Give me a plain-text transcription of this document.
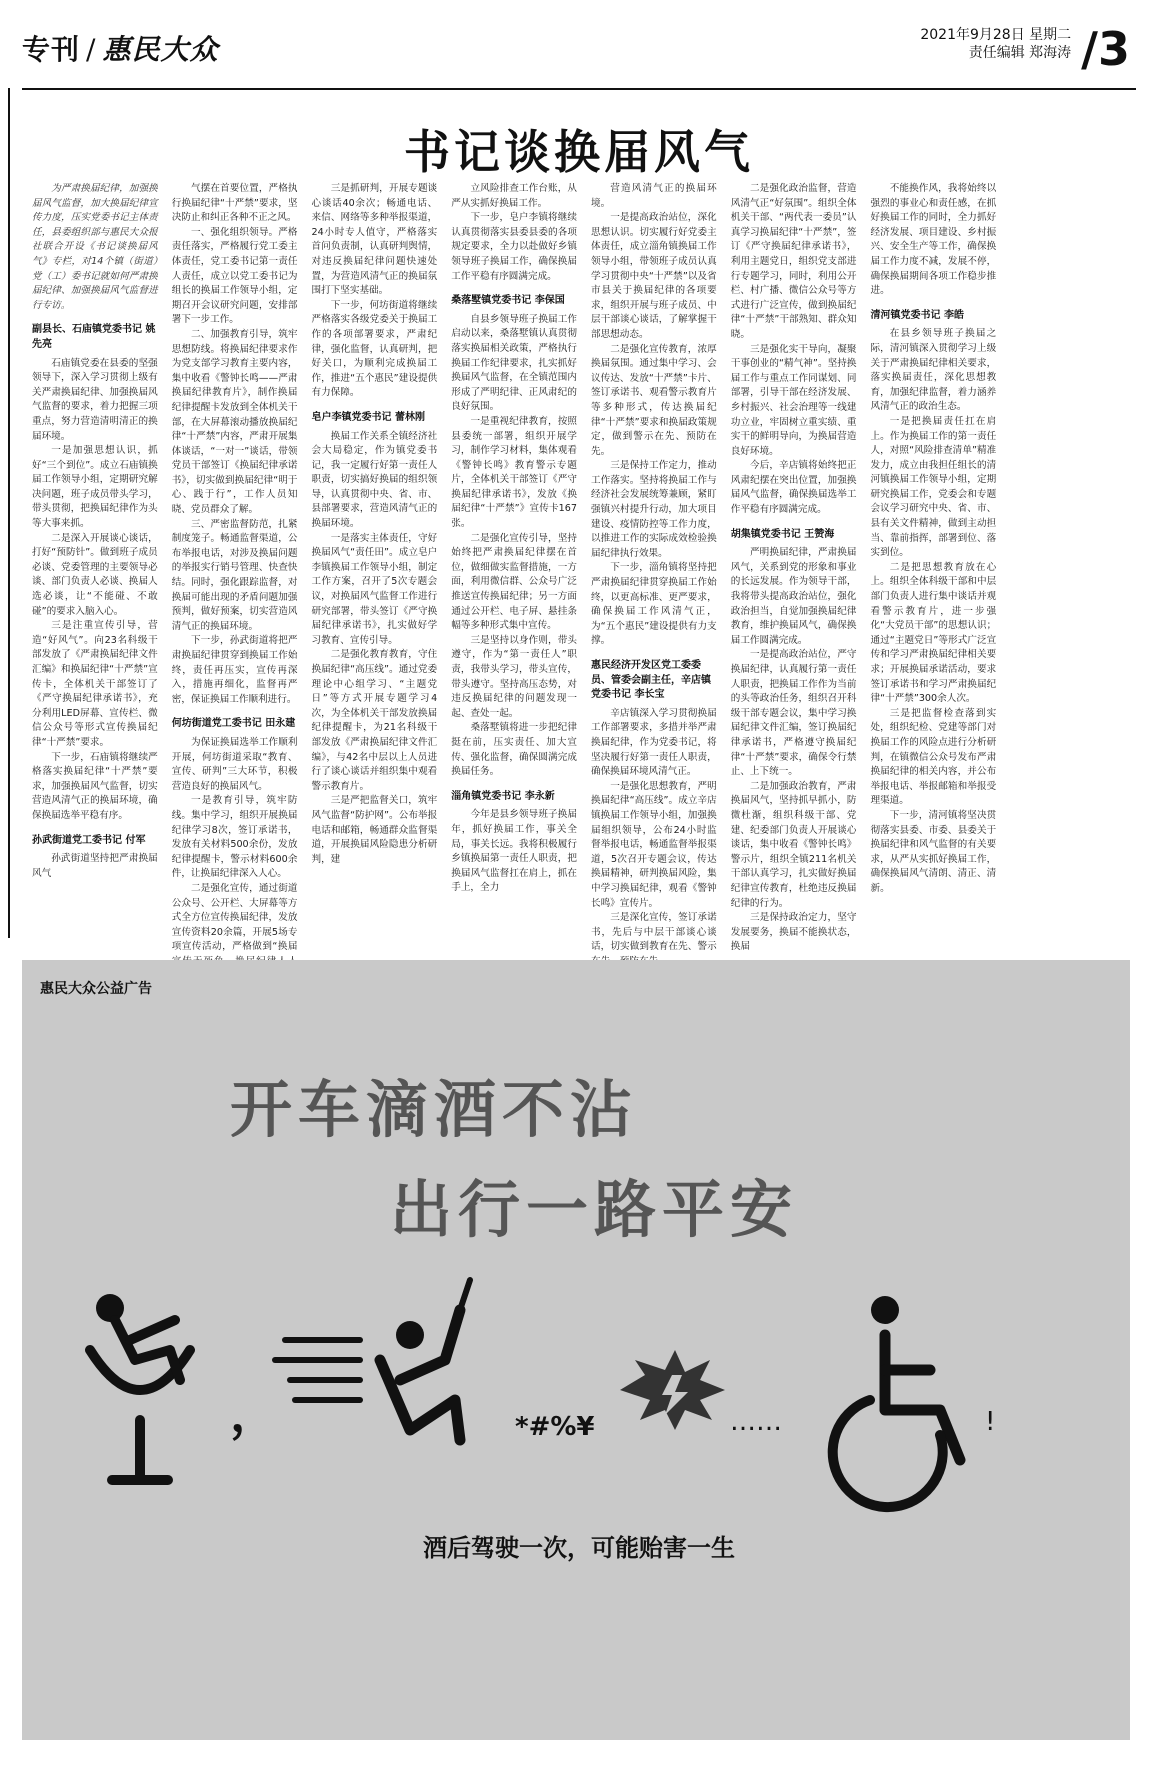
专刊 / 惠民大众	2021年9月28日 星期二
责任编辑 郑海涛 /3
书记谈换届风气

为严肃换届纪律，加强换届风气监督，加大换届纪律宣传力度，压实党委书记主体责任，县委组织部与惠民大众报社联合开设《书记谈换届风气》专栏，对14个镇（街道）党（工）委书记就如何严肃换届纪律、加强换届风气监督进行专访。

副县长、石庙镇党委书记 姚先亮

石庙镇党委在县委的坚强领导下，深入学习贯彻上级有关严肃换届纪律、加强换届风气监督的要求，着力把握三项重点，努力营造清明清正的换届环境。

一是加强思想认识，抓好“三个到位”。成立石庙镇换届工作领导小组，定期研究解决问题，班子成员带头学习，带头贯彻，把换届纪律作为头等大事来抓。

二是深入开展谈心谈话，打好“预防针”。做到班子成员必谈、党委管理的主要领导必谈、部门负责人必谈、换届人选必谈，让“不能碰、不敢碰”的要求入脑入心。

三是注重宣传引导，营造“好风气”。向23名科级干部发放了《严肃换届纪律文件汇编》和换届纪律“十严禁”宣传卡，全体机关干部签订了《严守换届纪律承诺书》，充分利用LED屏幕、宣传栏、微信公众号等形式宣传换届纪律“十严禁”要求。

下一步，石庙镇将继续严格落实换届纪律“十严禁”要求，加强换届风气监督，切实营造风清气正的换届环境，确保换届选举平稳有序。

孙武街道党工委书记 付军

孙武街道坚持把严肃换届风气

气摆在首要位置，严格执行换届纪律“十严禁”要求，坚决防止和纠正各种不正之风。

一、强化组织领导。严格责任落实，严格履行党工委主体责任，党工委书记第一责任人责任，成立以党工委书记为组长的换届工作领导小组，定期召开会议研究问题，安排部署下一步工作。

二、加强教育引导，筑牢思想防线。将换届纪律要求作为党支部学习教育主要内容，集中收看《警钟长鸣——严肃换届纪律教育片》，制作换届纪律提醒卡发放到全体机关干部，在大屏幕滚动播放换届纪律“十严禁”内容，严肃开展集体谈话，“一对一”谈话，带领党员干部签订《换届纪律承诺书》，切实做到换届纪律“明于心、践于行”，工作人员知晓、党员群众了解。

三、严密监督防范，扎紧制度笼子。畅通监督渠道，公布举报电话，对涉及换届问题的举报实行销号管理、快查快结。同时，强化跟踪监督，对换届可能出现的矛盾问题加强预判，做好预案，切实营造风清气正的换届环境。

下一步，孙武街道将把严肃换届纪律贯穿到换届工作始终，责任再压实，宣传再深入，措施再细化，监督再严密，保证换届工作顺利进行。

何坊街道党工委书记 田永建

为保证换届选举工作顺利开展，何坊街道采取“教育、宣传、研判”三大环节，积极营造良好的换届风气。

一是教育引导，筑牢防线。集中学习，组织开展换届纪律学习8次，签订承诺书，发放有关材料500余份，发放纪律提醒卡，警示材料600余件，让换届纪律深入人心。

二是强化宣传，通过街道公众号、公开栏、大屏幕等方式全方位宣传换届纪律，发放宣传资料20余篇，开展5场专项宣传活动，严格做到“换届

三是抓研判，开展专题谈心谈话40余次；畅通电话、来信、网络等多种举报渠道，24小时专人值守，严格落实首问负责制，认真研判舆情，对违反换届纪律问题快速处置，为营造风清气正的换届氛围打下坚实基础。

下一步，何坊街道将继续严格落实各级党委关于换届工作的各项部署要求，严肃纪律，强化监督，认真研判，把好关口，为顺利完成换届工作，推进“五个惠民”建设提供有力保障。

皂户李镇党委书记 蕾林刚

换届工作关系全镇经济社会大局稳定，作为镇党委书记，我一定履行好第一责任人职责，切实搞好换届的组织领导，认真贯彻中央、省、市、县部署要求，营造风清气正的换届环境。

一是落实主体责任，守好换届风气“责任田”。成立皂户李镇换届工作领导小组，制定工作方案，召开了5次专题会议，对换届风气监督工作进行研究部署，带头签订《严守换届纪律承诺书》，扎实做好学习教育、宣传引导。

二是强化教育教育，守住换届纪律“高压线”。通过党委理论中心组学习、“主题党日”等方式开展专题学习4次，为全体机关干部发放换届纪律提醒卡，为21名科级干部发放《严肃换届纪律文件汇编》，与42名中层以上人员进行了谈心谈话并组织集中观看警示教育片。

三是严把监督关口，筑牢风气监督“防护网”。公布举报电话和邮箱，畅通群众监督渠道，开展换届风险隐患分析研判，建

立风险排查工作台账，从严从实抓好换届工作。

下一步，皂户李镇将继续认真贯彻落实县委县委的各项规定要求，全力以赴做好乡镇领导班子换届工作，确保换届工作平稳有序圆满完成。

桑落墅镇党委书记 李保国

自县乡领导班子换届工作启动以来，桑落墅镇认真贯彻落实换届相关政策，严格执行换届工作纪律要求，扎实抓好换届风气监督，在全镇范围内形成了严明纪律、正风肃纪的良好氛围。

一是重视纪律教育，按照县委统一部署，组织开展学习，制作学习材料，集体观看《警钟长鸣》教育警示专题片，全体机关干部签订《严守换届纪律承诺书》，发放《换届纪律“十严禁”》宣传卡167张。

二是强化宣传引导，坚持始终把严肃换届纪律摆在首位，做细做实监督措施，一方面，利用微信群、公众号广泛推送宣传换届纪律；另一方面通过公开栏、电子屏、悬挂条幅等多种形式集中宣传。

三是坚持以身作则，带头遵守，作为“第一责任人”职责，我带头学习，带头宣传，带头遵守。坚持高压态势，对违反换届纪律的问题发现一起、查处一起。

桑落墅镇将进一步把纪律挺在前，压实责任、加大宣传、强化监督，确保圆满完成换届任务。

淄角镇党委书记 李永新

今年是县乡领导班子换届年，抓好换届工作，事关全局，事关长远。我将积极履行乡镇换届第一责任人职责，把换届风气监督扛在肩上，抓在手上，全力

营造风清气正的换届环境。

一是提高政治站位，深化思想认识。切实履行好党委主体责任，成立淄角镇换届工作领导小组，带领班子成员认真学习贯彻中央“十严禁”以及省市县关于换届纪律的各项要求，组织开展与班子成员、中层干部谈心谈话，了解掌握干部思想动态。

二是强化宣传教育，浓厚换届氛围。通过集中学习、会议传达、发放“十严禁”卡片、签订承诺书、观看警示教育片等多种形式，传达换届纪律“十严禁”要求和换届政策规定，做到警示在先、预防在先。

三是保持工作定力，推动工作落实。坚持将换届工作与经济社会发展统筹兼顾，紧盯强镇兴村提升行动，加大项目建设、疫情防控等工作力度，以推进工作的实际成效检验换届纪律执行效果。

下一步，淄角镇将坚持把严肃换届纪律贯穿换届工作始终，以更高标准、更严要求，确保换届工作风清气正，为“五个惠民”建设提供有力支撑。

惠民经济开发区党工委委员、管委会副主任，辛店镇党委书记 李长宝

辛店镇深入学习贯彻换届工作部署要求，多措并举严肃换届纪律，作为党委书记，将坚决履行好第一责任人职责，确保换届环境风清气正。

一是强化思想教育，严明换届纪律“高压线”。成立辛店镇换届工作领导小组，加强换届组织领导，公布24小时监督举报电话，畅通监督举报渠道，5次召开专题会议，传达换届精神，研判换届风险，集中学习换届纪律，观看《警钟长鸣》宣传片。

三是深化宣传，签订承诺书，先后与中层干部谈心谈话，切实做到教育在先、警示

二是强化政治监督，营造风清气正“好氛围”。组织全体机关干部、“两代表一委员”认真学习换届纪律“十严禁”，签订《严守换届纪律承诺书》，利用主题党日，组织党支部进行专题学习，同时，利用公开栏、村广播、微信公众号等方式进行广泛宣传，做到换届纪律“十严禁”干部熟知、群众知晓。

三是强化实干导向，凝聚干事创业的“精气神”。坚持换届工作与重点工作同谋划、同部署，引导干部在经济发展、乡村振兴、社会治理等一线建功立业，牢固树立重实绩、重实干的鲜明导向，为换届营造良好环境。

今后，辛店镇将始终把正风肃纪摆在突出位置，加强换届风气监督，确保换届选举工作平稳有序圆满完成。

胡集镇党委书记 王赞海

严明换届纪律，严肃换届风气，关系到党的形象和事业的长远发展。作为领导干部，我将带头提高政治站位，强化政治担当，自觉加强换届纪律教育，维护换届风气，确保换届工作圆满完成。

一是提高政治站位，严守换届纪律，认真履行第一责任人职责，把换届工作作为当前的头等政治任务，组织召开科级干部专题会议，集中学习换届纪律文件汇编，签订换届纪律承诺书，严格遵守换届纪律“十严禁”要求，确保令行禁止、上下统一。

二是加强政治教育，严肃换届风气，坚持抓早抓小，防微杜渐，组织科级干部、党建、纪委部门负责人开展谈心谈话，集中收看《警钟长鸣》警示片，组织全镇211名机关干部认真学习，扎实做好换届纪律宣传教育，杜绝违反换届纪律的行为。

三是保持政治定力，坚守发展要务，换届不能换状态，换届

不能换作风，我将始终以强烈的事业心和责任感，在抓好换届工作的同时，全力抓好经济发展、项目建设、乡村振兴、安全生产等工作，确保换届工作力度不减，发展不停，确保换届期间各项工作稳步推进。

清河镇党委书记 李皓

在县乡领导班子换届之际，清河镇深入贯彻学习上级关于严肃换届纪律相关要求，落实换届责任，深化思想教育，加强纪律监督，着力涵养风清气正的政治生态。

一是把换届责任扛在肩上。作为换届工作的第一责任人，对照“风险排查清单”精准发力，成立由我担任组长的清河镇换届工作领导小组，定期研究换届工作，党委会和专题会议学习研究中央、省、市、县有关文件精神，做到主动担当、靠前指挥，部署到位、落实到位。

二是把思想教育放在心上。组织全体科级干部和中层部门负责人进行集中谈话并观看警示教育片，进一步强化“大党员干部”的思想认识；通过“主题党日”等形式广泛宣传和学习严肃换届纪律相关要求；开展换届承诺活动，要求签订承诺书和学习严肃换届纪律“十严禁”300余人次。

三是把监督检查落到实处，组织纪检、党建等部门对换届工作的风险点进行分析研判，在镇微信公众号发布严肃换届纪律的相关内容，并公布举报电话、举报邮箱和举报受理渠道。

下一步，清河镇将坚决贯彻落实县委、市委、县委关于换届纪律和风气监督的有关要求，从严从实抓好换届工作，确保换届风气清朗、清正、清新。

惠民大众公益广告
开车滴酒不沾
出行一路平安
，	*#%¥	……	!
酒后驾驶一次，可能贻害一生
